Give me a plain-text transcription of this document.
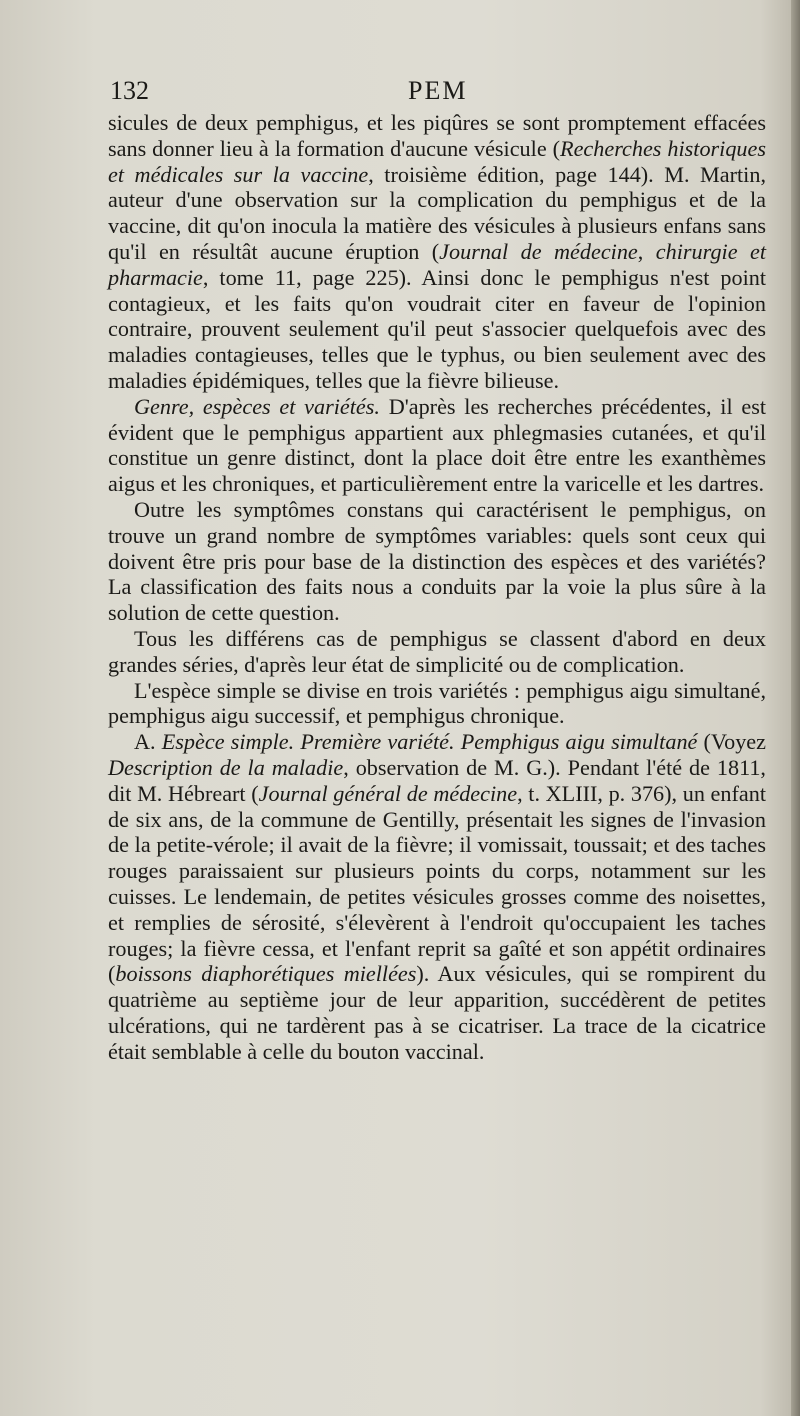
132	PEM

sicules de deux pemphigus, et les piqûres se sont promptement effacées sans donner lieu à la formation d'aucune vésicule (Recherches historiques et médicales sur la vaccine, troisième édition, page 144). M. Martin, auteur d'une observation sur la complication du pemphigus et de la vaccine, dit qu'on inocula la matière des vésicules à plusieurs enfans sans qu'il en résultât aucune éruption (Journal de médecine, chirurgie et pharmacie, tome 11, page 225). Ainsi donc le pemphigus n'est point contagieux, et les faits qu'on voudrait citer en faveur de l'opinion contraire, prouvent seulement qu'il peut s'associer quelquefois avec des maladies contagieuses, telles que le typhus, ou bien seulement avec des maladies épidémiques, telles que la fièvre bilieuse.

Genre, espèces et variétés. D'après les recherches précédentes, il est évident que le pemphigus appartient aux phlegmasies cutanées, et qu'il constitue un genre distinct, dont la place doit être entre les exanthèmes aigus et les chroniques, et particulièrement entre la varicelle et les dartres.

Outre les symptômes constans qui caractérisent le pemphigus, on trouve un grand nombre de symptômes variables: quels sont ceux qui doivent être pris pour base de la distinction des espèces et des variétés? La classification des faits nous a conduits par la voie la plus sûre à la solution de cette question.

Tous les différens cas de pemphigus se classent d'abord en deux grandes séries, d'après leur état de simplicité ou de complication.

L'espèce simple se divise en trois variétés : pemphigus aigu simultané, pemphigus aigu successif, et pemphigus chronique.

A. Espèce simple. Première variété. Pemphigus aigu simultané (Voyez Description de la maladie, observation de M. G.). Pendant l'été de 1811, dit M. Hébreart (Journal général de médecine, t. XLIII, p. 376), un enfant de six ans, de la commune de Gentilly, présentait les signes de l'invasion de la petite-vérole; il avait de la fièvre; il vomissait, toussait; et des taches rouges paraissaient sur plusieurs points du corps, notamment sur les cuisses. Le lendemain, de petites vésicules grosses comme des noisettes, et remplies de sérosité, s'élevèrent à l'endroit qu'occupaient les taches rouges; la fièvre cessa, et l'enfant reprit sa gaîté et son appétit ordinaires (boissons diaphorétiques miellées). Aux vésicules, qui se rompirent du quatrième au septième jour de leur apparition, succédèrent de petites ulcérations, qui ne tardèrent pas à se cicatriser. La trace de la cicatrice était semblable à celle du bouton vaccinal.
